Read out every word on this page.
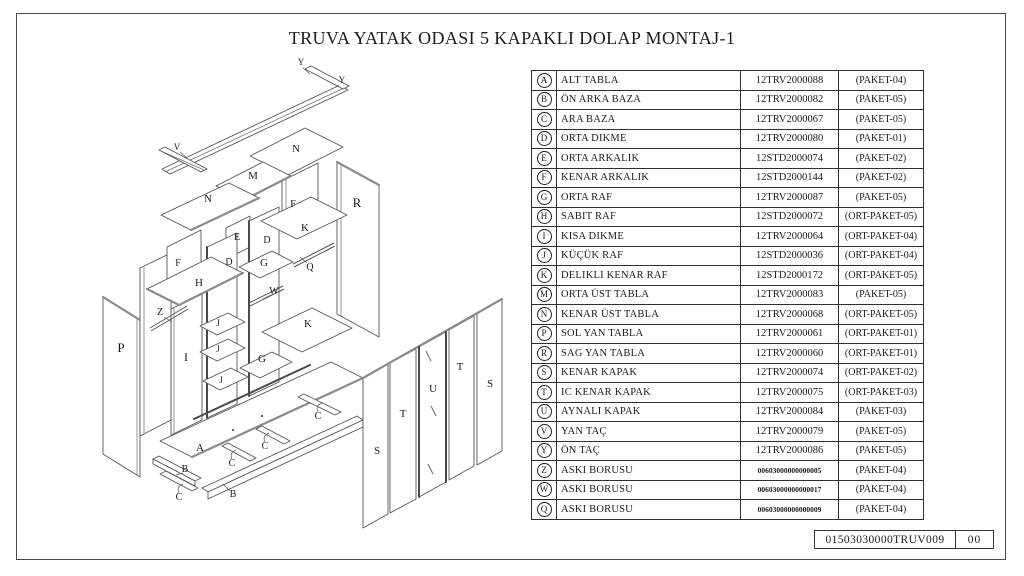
TRUVA YATAK ODASI 5 KAPAKLI DOLAP MONTAJ-1
Y
Y
V	N
M
N	R
F
K
E D
D G
F	Q
H
W
Z
J	K
P	J
I	G
J
T
S
U
T
C
A	S
C
C
B
B
C
A	ALT TABLA	12TRV2000088	(PAKET-04)
B	ÖN ARKA BAZA	12TRV2000082	(PAKET-05)
C	ARA BAZA	12TRV2000067	(PAKET-05)
D	ORTA DIKME	12TRV2000080	(PAKET-01)
E	ORTA ARKALIK	12STD2000074	(PAKET-02)
F	KENAR ARKALIK	12STD2000144	(PAKET-02)
G	ORTA RAF	12TRV2000087	(PAKET-05)
H	SABIT RAF	12STD2000072	(ORT-PAKET-05)
I	KISA DIKME	12TRV2000064	(ORT-PAKET-04)
J	KÜÇÜK RAF	12STD2000036	(ORT-PAKET-04)
K	DELIKLI KENAR RAF	12STD2000172	(ORT-PAKET-05)
M	ORTA ÜST TABLA	12TRV2000083	(PAKET-05)
N	KENAR ÜST TABLA	12TRV2000068	(ORT-PAKET-05)
P	SOL YAN TABLA	12TRV2000061	(ORT-PAKET-01)
R	SAG YAN TABLA	12TRV2000060	(ORT-PAKET-01)
S	KENAR KAPAK	12TRV2000074	(ORT-PAKET-02)
T	IC KENAR KAPAK	12TRV2000075	(ORT-PAKET-03)
U	AYNALI KAPAK	12TRV2000084	(PAKET-03)
V	YAN TAÇ	12TRV2000079	(PAKET-05)
Y	ÖN TAÇ	12TRV2000086	(PAKET-05)
Z	ASKI BORUSU	00603000000000005	(PAKET-04)
W	ASKI BORUSU	00603000000000017	(PAKET-04)
Q	ASKI BORUSU	00603000000000009	(PAKET-04)
01503030000TRUV009	00
